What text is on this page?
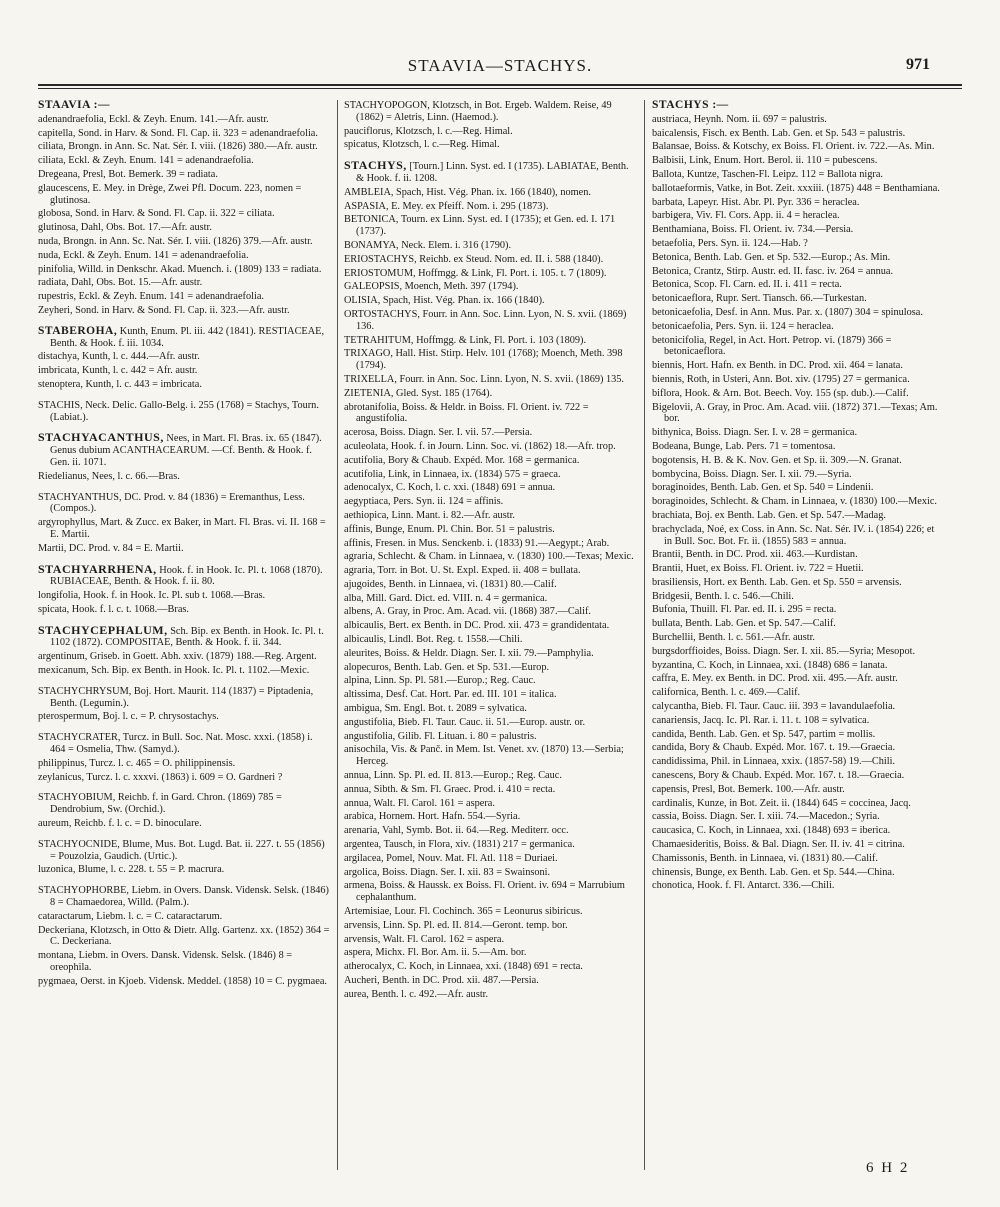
STAAVIA—STACHYS.	971
STAAVIA :—
adenandraefolia, Eckl. & Zeyh. Enum. 141.—Afr. austr.
capitella, Sond. in Harv. & Sond. Fl. Cap. ii. 323 = adenandraefolia.
ciliata, Brongn. in Ann. Sc. Nat. Sér. I. viii. (1826) 380.—Afr. austr.
ciliata, Eckl. & Zeyh. Enum. 141 = adenandraefolia.
Dregeana, Presl, Bot. Bemerk. 39 = radiata.
glaucescens, E. Mey. in Drège, Zwei Pfl. Docum. 223, nomen = glutinosa.
globosa, Sond. in Harv. & Sond. Fl. Cap. ii. 322 = ciliata.
glutinosa, Dahl, Obs. Bot. 17.—Afr. austr.
nuda, Brongn. in Ann. Sc. Nat. Sér. I. viii. (1826) 379.—Afr. austr.
nuda, Eckl. & Zeyh. Enum. 141 = adenandraefolia.
pinifolia, Willd. in Denkschr. Akad. Muench. i. (1809) 133 = radiata.
radiata, Dahl, Obs. Bot. 15.—Afr. austr.
rupestris, Eckl. & Zeyh. Enum. 141 = adenandraefolia.
Zeyheri, Sond. in Harv. & Sond. Fl. Cap. ii. 323.—Afr. austr.
STABEROHA, Kunth, Enum. Pl. iii. 442 (1841). RESTIACEAE, Benth. & Hook. f. iii. 1034.
distachya, Kunth, l. c. 444.—Afr. austr.
imbricata, Kunth, l. c. 442 = Afr. austr.
stenoptera, Kunth, l. c. 443 = imbricata.
STACHIS, Neck. Delic. Gallo-Belg. i. 255 (1768) = Stachys, Tourn. (Labiat.).
STACHYACANTHUS, Nees, in Mart. Fl. Bras. ix. 65 (1847). Genus dubium ACANTHACEARUM. —Cf. Benth. & Hook. f. Gen. ii. 1071.
Riedelianus, Nees, l. c. 66.—Bras.
STACHYANTHUS, DC. Prod. v. 84 (1836) = Eremanthus, Less. (Compos.).
argyrophyllus, Mart. & Zucc. ex Baker, in Mart. Fl. Bras. vi. II. 168 = E. Martii.
Martii, DC. Prod. v. 84 = E. Martii.
STACHYARRHENA, Hook. f. in Hook. Ic. Pl. t. 1068 (1870). RUBIACEAE, Benth. & Hook. f. ii. 80.
longifolia, Hook. f. in Hook. Ic. Pl. sub t. 1068.—Bras.
spicata, Hook. f. l. c. t. 1068.—Bras.
STACHYCEPHALUM, Sch. Bip. ex Benth. in Hook. Ic. Pl. t. 1102 (1872). COMPOSITAE, Benth. & Hook. f. ii. 344.
argentinum, Griseb. in Goett. Abh. xxiv. (1879) 188.—Reg. Argent.
mexicanum, Sch. Bip. ex Benth. in Hook. Ic. Pl. t. 1102.—Mexic.
STACHYCHRYSUM, Boj. Hort. Maurit. 114 (1837) = Piptadenia, Benth. (Legumin.).
pterospermum, Boj. l. c. = P. chrysostachys.
STACHYCRATER, Turcz. in Bull. Soc. Nat. Mosc. xxxi. (1858) i. 464 = Osmelia, Thw. (Samyd.).
philippinus, Turcz. l. c. 465 = O. philippinensis.
zeylanicus, Turcz. l. c. xxxvi. (1863) i. 609 = O. Gardneri ?
STACHYOBIUM, Reichb. f. in Gard. Chron. (1869) 785 = Dendrobium, Sw. (Orchid.).
aureum, Reichb. f. l. c. = D. binoculare.
STACHYOCNIDE, Blume, Mus. Bot. Lugd. Bat. ii. 227. t. 55 (1856) = Pouzolzia, Gaudich. (Urtic.).
luzonica, Blume, l. c. 228. t. 55 = P. macrura.
STACHYOPHORBE, Liebm. in Overs. Dansk. Vidensk. Selsk. (1846) 8 = Chamaedorea, Willd. (Palm.).
cataractarum, Liebm. l. c. = C. cataractarum.
Deckeriana, Klotzsch, in Otto & Dietr. Allg. Gartenz. xx. (1852) 364 = C. Deckeriana.
montana, Liebm. in Overs. Dansk. Vidensk. Selsk. (1846) 8 = oreophila.
pygmaea, Oerst. in Kjoeb. Vidensk. Meddel. (1858) 10 = C. pygmaea.
STACHYOPOGON, Klotzsch, in Bot. Ergeb. Waldem. Reise, 49 (1862) = Aletris, Linn. (Haemod.).
pauciflorus, Klotzsch, l. c.—Reg. Himal.
spicatus, Klotzsch, l. c.—Reg. Himal.
STACHYS, [Tourn.] Linn. Syst. ed. I (1735). LABIATAE, Benth. & Hook. f. ii. 1208.
AMBLEIA, Spach, Hist. Vég. Phan. ix. 166 (1840), nomen.
ASPASIA, E. Mey. ex Pfeiff. Nom. i. 295 (1873).
BETONICA, Tourn. ex Linn. Syst. ed. I (1735); et Gen. ed. I. 171 (1737).
BONAMYA, Neck. Elem. i. 316 (1790).
ERIOSTACHYS, Reichb. ex Steud. Nom. ed. II. i. 588 (1840).
ERIOSTOMUM, Hoffmgg. & Link, Fl. Port. i. 105. t. 7 (1809).
GALEOPSIS, Moench, Meth. 397 (1794).
OLISIA, Spach, Hist. Vég. Phan. ix. 166 (1840).
ORTOSTACHYS, Fourr. in Ann. Soc. Linn. Lyon, N. S. xvii. (1869) 136.
TETRAHITUM, Hoffmgg. & Link, Fl. Port. i. 103 (1809).
TRIXAGO, Hall. Hist. Stirp. Helv. 101 (1768); Moench, Meth. 398 (1794).
TRIXELLA, Fourr. in Ann. Soc. Linn. Lyon, N. S. xvii. (1869) 135.
ZIETENIA, Gled. Syst. 185 (1764).
abrotanifolia, Boiss. & Heldr. in Boiss. Fl. Orient. iv. 722 = angustifolia.
acerosa, Boiss. Diagn. Ser. I. vii. 57.—Persia.
aculeolata, Hook. f. in Journ. Linn. Soc. vi. (1862) 18.—Afr. trop.
acutifolia, Bory & Chaub. Expéd. Mor. 168 = germanica.
acutifolia, Link, in Linnaea, ix. (1834) 575 = graeca.
adenocalyx, C. Koch, l. c. xxi. (1848) 691 = annua.
aegyptiaca, Pers. Syn. ii. 124 = affinis.
aethiopica, Linn. Mant. i. 82.—Afr. austr.
affinis, Bunge, Enum. Pl. Chin. Bor. 51 = palustris.
affinis, Fresen. in Mus. Senckenb. i. (1833) 91.—Aegypt.; Arab.
agraria, Schlecht. & Cham. in Linnaea, v. (1830) 100.—Texas; Mexic.
agraria, Torr. in Bot. U. St. Expl. Exped. ii. 408 = bullata.
ajugoides, Benth. in Linnaea, vi. (1831) 80.—Calif.
alba, Mill. Gard. Dict. ed. VIII. n. 4 = germanica.
albens, A. Gray, in Proc. Am. Acad. vii. (1868) 387.—Calif.
albicaulis, Bert. ex Benth. in DC. Prod. xii. 473 = grandidentata.
albicaulis, Lindl. Bot. Reg. t. 1558.—Chili.
aleurites, Boiss. & Heldr. Diagn. Ser. I. xii. 79.—Pamphylia.
alopecuros, Benth. Lab. Gen. et Sp. 531.—Europ.
alpina, Linn. Sp. Pl. 581.—Europ.; Reg. Cauc.
altissima, Desf. Cat. Hort. Par. ed. III. 101 = italica.
ambigua, Sm. Engl. Bot. t. 2089 = sylvatica.
angustifolia, Bieb. Fl. Taur. Cauc. ii. 51.—Europ. austr. or.
angustifolia, Gilib. Fl. Lituan. i. 80 = palustris.
anisochila, Vis. & Panč. in Mem. Ist. Venet. xv. (1870) 13.—Serbia; Herceg.
annua, Linn. Sp. Pl. ed. II. 813.—Europ.; Reg. Cauc.
annua, Sibth. & Sm. Fl. Graec. Prod. i. 410 = recta.
annua, Walt. Fl. Carol. 161 = aspera.
arabica, Hornem. Hort. Hafn. 554.—Syria.
arenaria, Vahl, Symb. Bot. ii. 64.—Reg. Mediterr. occ.
argentea, Tausch, in Flora, xiv. (1831) 217 = germanica.
argilacea, Pomel, Nouv. Mat. Fl. Atl. 118 = Duriaei.
argolica, Boiss. Diagn. Ser. I. xii. 83 = Swainsoni.
armena, Boiss. & Haussk. ex Boiss. Fl. Orient. iv. 694 = Marrubium cephalanthum.
Artemisiae, Lour. Fl. Cochinch. 365 = Leonurus sibiricus.
arvensis, Linn. Sp. Pl. ed. II. 814.—Geront. temp. bor.
arvensis, Walt. Fl. Carol. 162 = aspera.
aspera, Michx. Fl. Bor. Am. ii. 5.—Am. bor.
atherocalyx, C. Koch, in Linnaea, xxi. (1848) 691 = recta.
Aucheri, Benth. in DC. Prod. xii. 487.—Persia.
aurea, Benth. l. c. 492.—Afr. austr.
STACHYS :—
austriaca, Heynh. Nom. ii. 697 = palustris.
baicalensis, Fisch. ex Benth. Lab. Gen. et Sp. 543 = palustris.
Balansae, Boiss. & Kotschy, ex Boiss. Fl. Orient. iv. 722.—As. Min.
Balbisii, Link, Enum. Hort. Berol. ii. 110 = pubescens.
Ballota, Kuntze, Taschen-Fl. Leipz. 112 = Ballota nigra.
ballotaeformis, Vatke, in Bot. Zeit. xxxiii. (1875) 448 = Benthamiana.
barbata, Lapeyr. Hist. Abr. Pl. Pyr. 336 = heraclea.
barbigera, Viv. Fl. Cors. App. ii. 4 = heraclea.
Benthamiana, Boiss. Fl. Orient. iv. 734.—Persia.
betaefolia, Pers. Syn. ii. 124.—Hab. ?
Betonica, Benth. Lab. Gen. et Sp. 532.—Europ.; As. Min.
Betonica, Crantz, Stirp. Austr. ed. II. fasc. iv. 264 = annua.
Betonica, Scop. Fl. Carn. ed. II. i. 411 = recta.
betonicaeflora, Rupr. Sert. Tiansch. 66.—Turkestan.
betonicaefolia, Desf. in Ann. Mus. Par. x. (1807) 304 = spinulosa.
betonicaefolia, Pers. Syn. ii. 124 = heraclea.
betonicifolia, Regel, in Act. Hort. Petrop. vi. (1879) 366 = betonicaeflora.
biennis, Hort. Hafn. ex Benth. in DC. Prod. xii. 464 = lanata.
biennis, Roth, in Usteri, Ann. Bot. xiv. (1795) 27 = germanica.
biflora, Hook. & Arn. Bot. Beech. Voy. 155 (sp. dub.).—Calif.
Bigelovii, A. Gray, in Proc. Am. Acad. viii. (1872) 371.—Texas; Am. bor.
bithynica, Boiss. Diagn. Ser. I. v. 28 = germanica.
Bodeana, Bunge, Lab. Pers. 71 = tomentosa.
bogotensis, H. B. & K. Nov. Gen. et Sp. ii. 309.—N. Granat.
bombycina, Boiss. Diagn. Ser. I. xii. 79.—Syria.
boraginoides, Benth. Lab. Gen. et Sp. 540 = Lindenii.
boraginoides, Schlecht. & Cham. in Linnaea, v. (1830) 100.—Mexic.
brachiata, Boj. ex Benth. Lab. Gen. et Sp. 547.—Madag.
brachyclada, Noé, ex Coss. in Ann. Sc. Nat. Sér. IV. i. (1854) 226; et in Bull. Soc. Bot. Fr. ii. (1855) 583 = annua.
Brantii, Benth. in DC. Prod. xii. 463.—Kurdistan.
Brantii, Huet, ex Boiss. Fl. Orient. iv. 722 = Huetii.
brasiliensis, Hort. ex Benth. Lab. Gen. et Sp. 550 = arvensis.
Bridgesii, Benth. l. c. 546.—Chili.
Bufonia, Thuill. Fl. Par. ed. II. i. 295 = recta.
bullata, Benth. Lab. Gen. et Sp. 547.—Calif.
Burchellii, Benth. l. c. 561.—Afr. austr.
burgsdorffioides, Boiss. Diagn. Ser. I. xii. 85.—Syria; Mesopot.
byzantina, C. Koch, in Linnaea, xxi. (1848) 686 = lanata.
caffra, E. Mey. ex Benth. in DC. Prod. xii. 495.—Afr. austr.
californica, Benth. l. c. 469.—Calif.
calycantha, Bieb. Fl. Taur. Cauc. iii. 393 = lavandulaefolia.
canariensis, Jacq. Ic. Pl. Rar. i. 11. t. 108 = sylvatica.
candida, Benth. Lab. Gen. et Sp. 547, partim = mollis.
candida, Bory & Chaub. Expéd. Mor. 167. t. 19.—Graecia.
candidissima, Phil. in Linnaea, xxix. (1857-58) 19.—Chili.
canescens, Bory & Chaub. Expéd. Mor. 167. t. 18.—Graecia.
capensis, Presl, Bot. Bemerk. 100.—Afr. austr.
cardinalis, Kunze, in Bot. Zeit. ii. (1844) 645 = coccinea, Jacq.
cassia, Boiss. Diagn. Ser. I. xiii. 74.—Macedon.; Syria.
caucasica, C. Koch, in Linnaea, xxi. (1848) 693 = iberica.
Chamaesideritis, Boiss. & Bal. Diagn. Ser. II. iv. 41 = citrina.
Chamissonis, Benth. in Linnaea, vi. (1831) 80.—Calif.
chinensis, Bunge, ex Benth. Lab. Gen. et Sp. 544.—China.
chonotica, Hook. f. Fl. Antarct. 336.—Chili.
6 H 2
